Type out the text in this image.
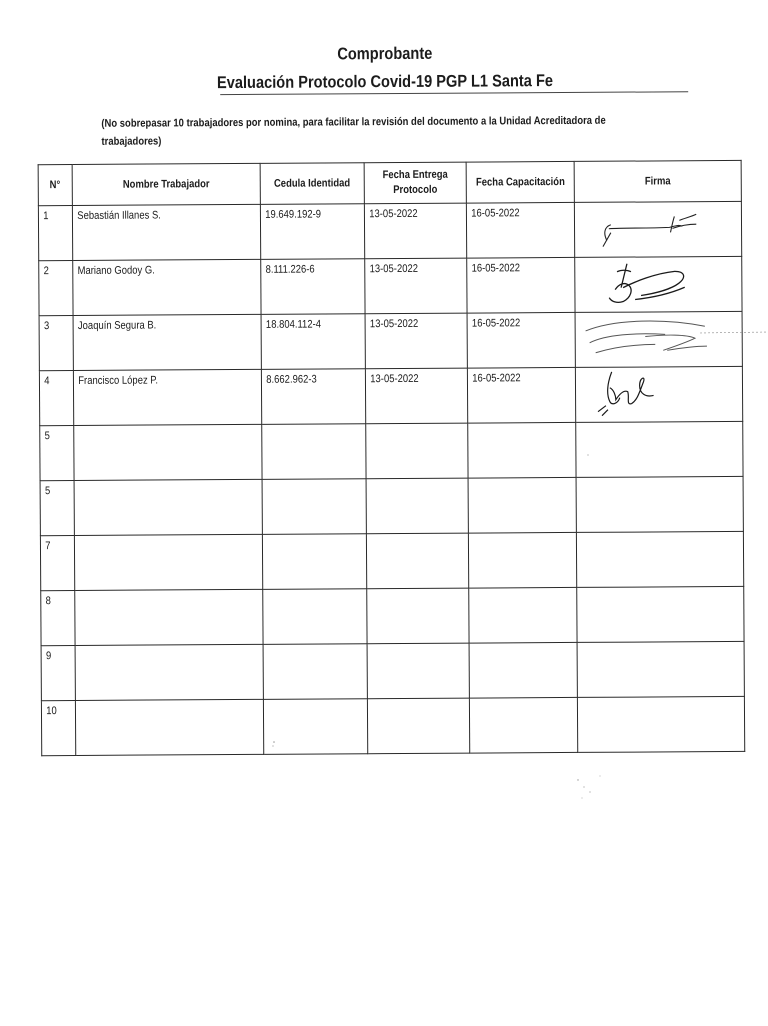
Comprobante
Evaluación Protocolo Covid-19 PGP L1 Santa Fe
(No sobrepasar 10 trabajadores por nomina, para facilitar la revisión del documento a la Unidad Acreditadora de trabajadores)
N°	Nombre Trabajador	Cedula Identidad	Fecha Entrega Protocolo	Fecha Capacitación	Firma
1	Sebastián Illanes S.	19.649.192-9	13-05-2022	16-05-2022	

2	Mariano Godoy G.	8.111.226-6	13-05-2022	16-05-2022	

3	Joaquín Segura B.	18.804.112-4	13-05-2022	16-05-2022	

4	Francisco López P.	8.662.962-3	13-05-2022	16-05-2022	

5					
5					
7					
8					
9					
10					
